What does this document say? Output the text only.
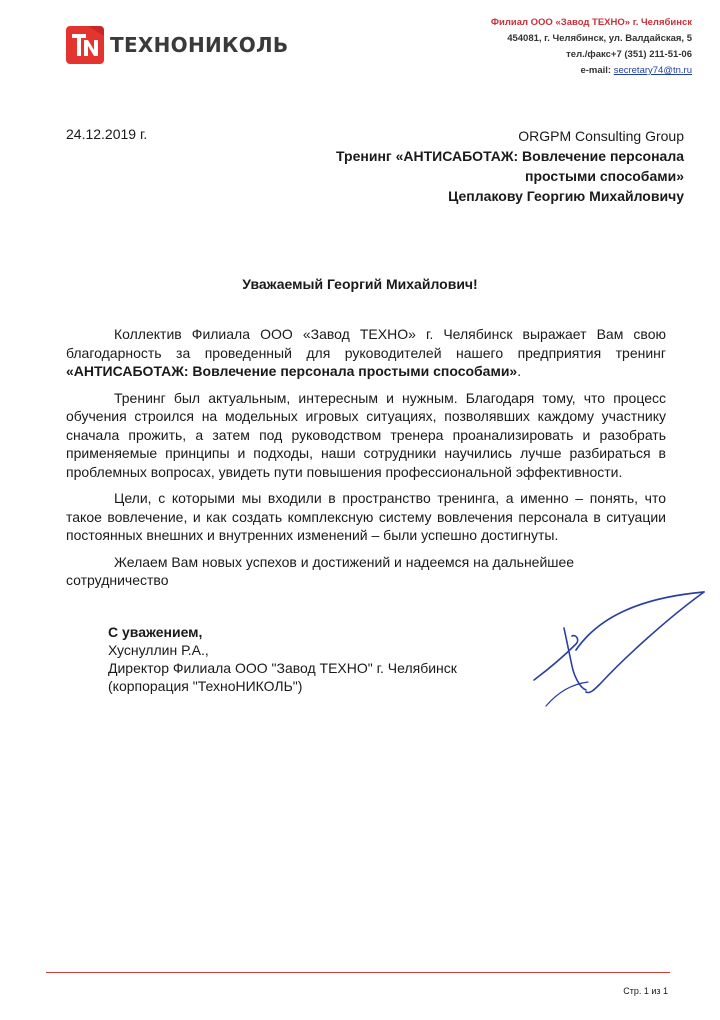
ТЕХНОНИКОЛЬ
Филиал ООО «Завод ТЕХНО» г. Челябинск
454081, г. Челябинск, ул. Валдайская, 5
тел./факс+7 (351) 211-51-06
e-mail: secretary74@tn.ru
24.12.2019 г.	ORGPM Consulting Group
Тренинг «АНТИСАБОТАЖ: Вовлечение персонала
простыми способами»
Цеплакову Георгию Михайловичу
Уважаемый Георгий Михайлович!

Коллектив Филиала ООО «Завод ТЕХНО» г. Челябинск выражает Вам свою благодарность за проведенный для руководителей нашего предприятия тренинг «АНТИСАБОТАЖ: Вовлечение персонала простыми способами».

Тренинг был актуальным, интересным и нужным. Благодаря тому, что процесс обучения строился на модельных игровых ситуациях, позволявших каждому участнику сначала прожить, а затем под руководством тренера проанализировать и разобрать применяемые принципы и подходы, наши сотрудники научились лучше разбираться в проблемных вопросах, увидеть пути повышения профессиональной эффективности.

Цели, с которыми мы входили в пространство тренинга, а именно – понять, что такое вовлечение, и как создать комплексную систему вовлечения персонала в ситуации постоянных внешних и внутренних изменений – были успешно достигнуты.

Желаем Вам новых успехов и достижений и надеемся на дальнейшее сотрудничество

С уважением,
Хуснуллин Р.А.,
Директор Филиала ООО "Завод ТЕХНО" г. Челябинск
(корпорация "ТехноНИКОЛЬ")
Стр. 1 из 1
